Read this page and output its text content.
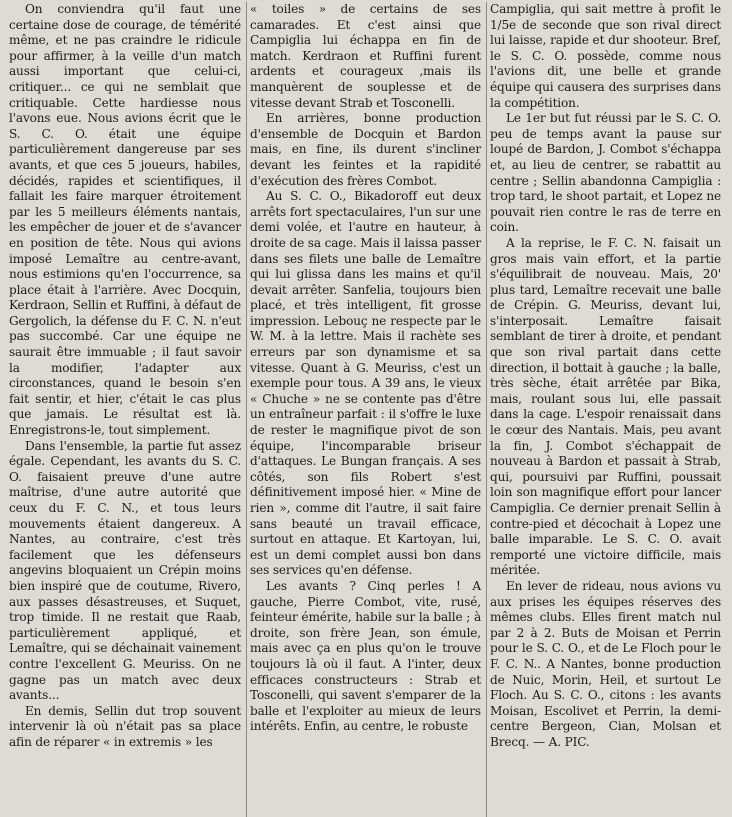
On conviendra qu'il faut une certaine dose de courage, de témérité même, et ne pas craindre le ridicule pour affirmer, à la veille d'un match aussi important que celui-ci, critiquer... ce qui ne semblait que critiquable. Cette hardiesse nous l'avons eue. Nous avions écrit que le S. C. O. était une équipe particulièrement dangereuse par ses avants, et que ces 5 joueurs, habiles, décidés, rapides et scientifiques, il fallait les faire marquer étroitement par les 5 meilleurs éléments nantais, les empêcher de jouer et de s'avancer en position de tête. Nous qui avions imposé Lemaître au centre-avant, nous estimions qu'en l'occurrence, sa place était à l'arrière. Avec Docquin, Kerdraon, Sellin et Ruffini, à défaut de Gergolich, la défense du F. C. N. n'eut pas succombé. Car une équipe ne saurait être immuable ; il faut savoir la modifier, l'adapter aux circonstances, quand le besoin s'en fait sentir, et hier, c'était le cas plus que jamais. Le résultat est là. Enregistrons-le, tout simplement.

Dans l'ensemble, la partie fut assez égale. Cependant, les avants du S. C. O. faisaient preuve d'une autre maîtrise, d'une autre autorité que ceux du F. C. N., et tous leurs mouvements étaient dangereux. A Nantes, au contraire, c'est très facilement que les défenseurs angevins bloquaient un Crépin moins bien inspiré que de coutume, Rivero, aux passes désastreuses, et Suquet, trop timide. Il ne restait que Raab, particulièrement appliqué, et Lemaître, qui se déchainait vainement contre l'excellent G. Meuriss. On ne gagne pas un match avec deux avants...

En demis, Sellin dut trop souvent intervenir là où n'était pas sa place afin de réparer « in extremis » les

« toiles » de certains de ses camarades. Et c'est ainsi que Campiglia lui échappa en fin de match. Kerdraon et Ruffini furent ardents et courageux ,mais ils manquèrent de souplesse et de vitesse devant Strab et Tosconelli.

En arrières, bonne production d'ensemble de Docquin et Bardon mais, en fine, ils durent s'incliner devant les feintes et la rapidité d'exécution des frères Combot.

Au S. C. O., Bikadoroff eut deux arrêts fort spectaculaires, l'un sur une demi volée, et l'autre en hauteur, à droite de sa cage. Mais il laissa passer dans ses filets une balle de Lemaître qui lui glissa dans les mains et qu'il devait arrêter. Sanfelia, toujours bien placé, et très intelligent, fit grosse impression. Lebouç ne respecte par le W. M. à la lettre. Mais il rachète ses erreurs par son dynamisme et sa vitesse. Quant à G. Meuriss, c'est un exemple pour tous. A 39 ans, le vieux « Chuche » ne se contente pas d'être un entraîneur parfait : il s'offre le luxe de rester le magnifique pivot de son équipe, l'incomparable briseur d'attaques. Le Bungan français. A ses côtés, son fils Robert s'est définitivement imposé hier. « Mine de rien », comme dit l'autre, il sait faire sans beauté un travail efficace, surtout en attaque. Et Kartoyan, lui, est un demi complet aussi bon dans ses services qu'en défense.

Les avants ? Cinq perles ! A gauche, Pierre Combot, vite, rusé, feinteur émérite, habile sur la balle ; à droite, son frère Jean, son émule, mais avec ça en plus qu'on le trouve toujours là où il faut. A l'inter, deux efficaces constructeurs : Strab et Tosconelli, qui savent s'emparer de la balle et l'exploiter au mieux de leurs intérêts. Enfin, au centre, le robuste

Campiglia, qui sait mettre à profit le 1/5e de seconde que son rival direct lui laisse, rapide et dur shooteur. Bref, le S. C. O. possède, comme nous l'avions dit, une belle et grande équipe qui causera des surprises dans la compétition.

Le 1er but fut réussi par le S. C. O. peu de temps avant la pause sur loupé de Bardon, J. Combot s'échappa et, au lieu de centrer, se rabattit au centre ; Sellin abandonna Campiglia : trop tard, le shoot partait, et Lopez ne pouvait rien contre le ras de terre en coin.

A la reprise, le F. C. N. faisait un gros mais vain effort, et la partie s'équilibrait de nouveau. Mais, 20' plus tard, Lemaître recevait une balle de Crépin. G. Meuriss, devant lui, s'interposait. Lemaître faisait semblant de tirer à droite, et pendant que son rival partait dans cette direction, il bottait à gauche ; la balle, très sèche, était arrêtée par Bika, mais, roulant sous lui, elle passait dans la cage. L'espoir renaissait dans le cœur des Nantais. Mais, peu avant la fin, J. Combot s'échappait de nouveau à Bardon et passait à Strab, qui, poursuivi par Ruffini, poussait loin son magnifique effort pour lancer Campiglia. Ce dernier prenait Sellin à contre-pied et décochait à Lopez une balle imparable. Le S. C. O. avait remporté une victoire difficile, mais méritée.

En lever de rideau, nous avions vu aux prises les équipes réserves des mêmes clubs. Elles firent match nul par 2 à 2. Buts de Moisan et Perrin pour le S. C. O., et de Le Floch pour le F. C. N.. A Nantes, bonne production de Nuic, Morin, Heil, et surtout Le Floch. Au S. C. O., citons : les avants Moisan, Escolivet et Perrin, la demi-centre Bergeon, Cian, Molsan et Brecq. — A. PIC.
